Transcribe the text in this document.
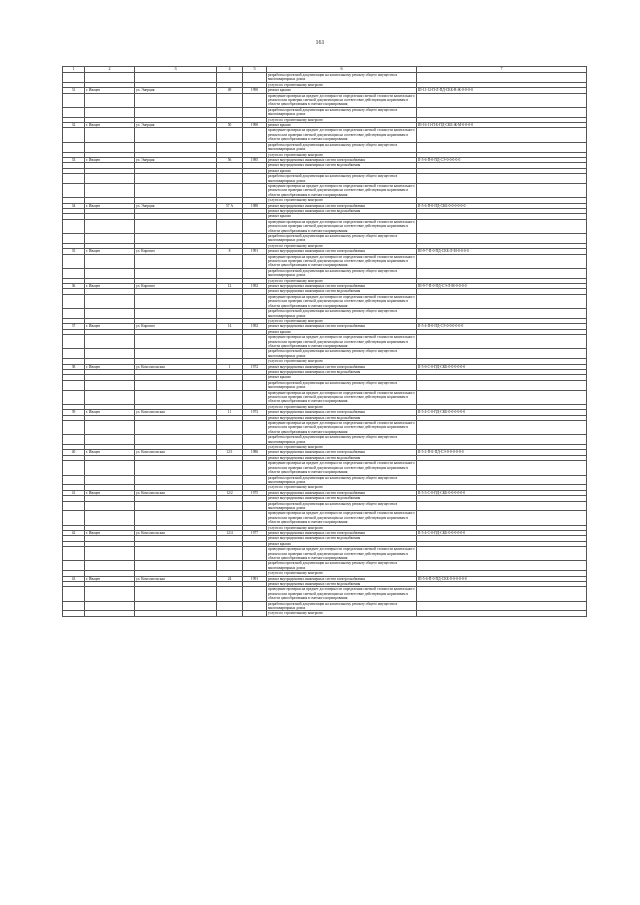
161
1	2	3	4	5	6	7
					разработка проектной документации на капитальному ремонту общего имущества в многоквартирных домах	
					услуги по строительному контролю	
31	г. Ивацев	ул. Энерция	49	1990	ремонт крыши	III-11-12-П-Л-ПД-СКБ-В-Ж-0-0-0-0
					проведение проверки на предмет достоверности определения сметной стоимости капитального ремонта или проверки сметной документации на соответствие действующим нормативам в области ценообразования в сметного нормирования	
					разработка проектной документации на капитальному ремонту общего имущества в многоквартирных домах	
					услуги по строительному контролю	
32	г. Ивацев	ул. Энерция	50	1990	ремонт крыши	III-16-11-П-Б-ПД-СКБ-Ж-М-0-0-0-0
					проведение проверки на предмет достоверности определения сметной стоимости капитального ремонта или проверки сметной документации на соответствие действующим нормативам в области ценообразования в сметного нормирования	
					разработка проектной документации на капитальному ремонту общего имущества в многоквартирных домах	
					услуги по строительному контролю	
33	г. Ивацев	ул. Энерция	56	1985	ремонт внутридомовых инженерных систем электроснабжения	II-5-6-П-0-ПД-СЭ-0-0-0-0-0
					ремонт внутридомовых инженерных систем водоснабжения	
					ремонт крыши	
					разработка проектной документации на капитальному ремонту общего имущества в многоквартирных домах	
					проведение проверки на предмет достоверности определения сметной стоимости капитального ремонта или проверки сметной документации на соответствие действующим нормативам в области ценообразования в сметного нормирования	
					услуги по строительному контролю	
34	г. Ивацев	ул. Энерция	57 А	1988	ремонт внутридомовых инженерных систем электроснабжения	II-5-6-П-0-ПД-СКБ-0-0-0-0-0-0
					ремонт внутридомовых инженерных систем водоснабжения	
					ремонт крыши	
					проведение проверки на предмет достоверности определения сметной стоимости капитального ремонта или проверки сметной документации на соответствие действующим нормативам в области ценообразования в сметного нормирования	
					разработка проектной документации на капитальному ремонту общего имущества в многоквартирных домах	
					услуги по строительному контролю	
35	г. Ивацев	ул. Кирович	8	1991	ремонт внутридомовых инженерных систем электроснабжения	III-9-7-П-0-ПД-СКБ-Л-М-0-0-0-0
					проведение проверки на предмет достоверности определения сметной стоимости капитального ремонта или проверки сметной документации на соответствие действующим нормативам в области ценообразования в сметного нормирования	
					разработка проектной документации на капитальному ремонту общего имущества в многоквартирных домах	
					услуги по строительному контролю	
36	г. Ивацев	ул. Кирович	12	1992	ремонт внутридомовых инженерных систем электроснабжения	III-9-7-П-0-ПД-СЭ-Л-М-0-0-0-0
					ремонт внутридомовых инженерных систем водоснабжения	
					проведение проверки на предмет достоверности определения сметной стоимости капитального ремонта или проверки сметной документации на соответствие действующим нормативам в области ценообразования в сметного нормирования	
					разработка проектной документации на капитальному ремонту общего имущества в многоквартирных домах	
					услуги по строительному контролю	
37	г. Ивацев	ул. Кирович	14	1992	ремонт внутридомовых инженерных систем электроснабжения	II-5-4-П-0-ПД-СЭ-0-0-0-0-0-0
					ремонт крыши	
					проведение проверки на предмет достоверности определения сметной стоимости капитального ремонта или проверки сметной документации на соответствие действующим нормативам в области ценообразования в сметного нормирования	
					разработка проектной документации на капитальному ремонту общего имущества в многоквартирных домах	
					услуги по строительному контролю	
38	г. Ивацев	ул. Комсомольская	1	1972	ремонт внутридомовых инженерных систем электроснабжения	II-5-6-С-0-ПД-СКБ-0-0-0-0-0-0
					ремонт внутридомовых инженерных систем водоснабжения	
					ремонт крыши	
					разработка проектной документации на капитальному ремонту общего имущества в многоквартирных домах	
					проведение проверки на предмет достоверности определения сметной стоимости капитального ремонта или проверки сметной документации на соответствие действующим нормативам в области ценообразования в сметного нормирования	
					услуги по строительному контролю	
39	г. Ивацев	ул. Комсомольская	11	1973	ремонт внутридомовых инженерных систем электроснабжения	II-5-4-С-0-ПД-СКБ-0-0-0-0-0-0
					ремонт внутридомовых инженерных систем водоснабжения	
					проведение проверки на предмет достоверности определения сметной стоимости капитального ремонта или проверки сметной документации на соответствие действующим нормативам в области ценообразования в сметного нормирования	
					разработка проектной документации на капитальному ремонту общего имущества в многоквартирных домах	
					услуги по строительному контролю	
40	г. Ивацев	ул. Комсомольская	12/1	1986	ремонт внутридомовых инженерных систем электроснабжения	II-5-2-П-Б-ПД-СЭ-0-0-0-0-0-0
					ремонт внутридомовых инженерных систем водоснабжения	
					проведение проверки на предмет достоверности определения сметной стоимости капитального ремонта или проверки сметной документации на соответствие действующим нормативам в области ценообразования в сметного нормирования	
					разработка проектной документации на капитальному ремонту общего имущества в многоквартирных домах	
					услуги по строительному контролю	
41	г. Ивацев	ул. Комсомольская	12/2	1975	ремонт внутридомовых инженерных систем электроснабжения	II-5-3-С-0-ПД-СКБ-0-0-0-0-0-0
					ремонт внутридомовых инженерных систем водоснабжения	
					разработка проектной документации на капитальному ремонту общего имущества в многоквартирных домах	
					проведение проверки на предмет достоверности определения сметной стоимости капитального ремонта или проверки сметной документации на соответствие действующим нормативам в области ценообразования в сметного нормирования	
					услуги по строительному контролю	
42	г. Ивацев	ул. Комсомольская	12/4	1977	ремонт внутридомовых инженерных систем электроснабжения	II-5-4-С-0-ПД-СКБ-0-0-0-0-0-0
					ремонт внутридомовых инженерных систем водоснабжения	
					ремонт крыши	
					проведение проверки на предмет достоверности определения сметной стоимости капитального ремонта или проверки сметной документации на соответствие действующим нормативам в области ценообразования в сметного нормирования	
					разработка проектной документации на капитальному ремонту общего имущества в многоквартирных домах	
					услуги по строительному контролю	
43	г. Ивацев	ул. Комсомольская	24	1991	ремонт внутридомовых инженерных систем электроснабжения	III-5-6-П-0-ПД-СКБ-0-0-0-0-0-0
					ремонт внутридомовых инженерных систем водоснабжения	
					проведение проверки на предмет достоверности определения сметной стоимости капитального ремонта или проверки сметной документации на соответствие действующим нормативам в области ценообразования в сметного нормирования	
					разработка проектной документации на капитальному ремонту общего имущества в многоквартирных домах	
					услуги по строительному контролю	
